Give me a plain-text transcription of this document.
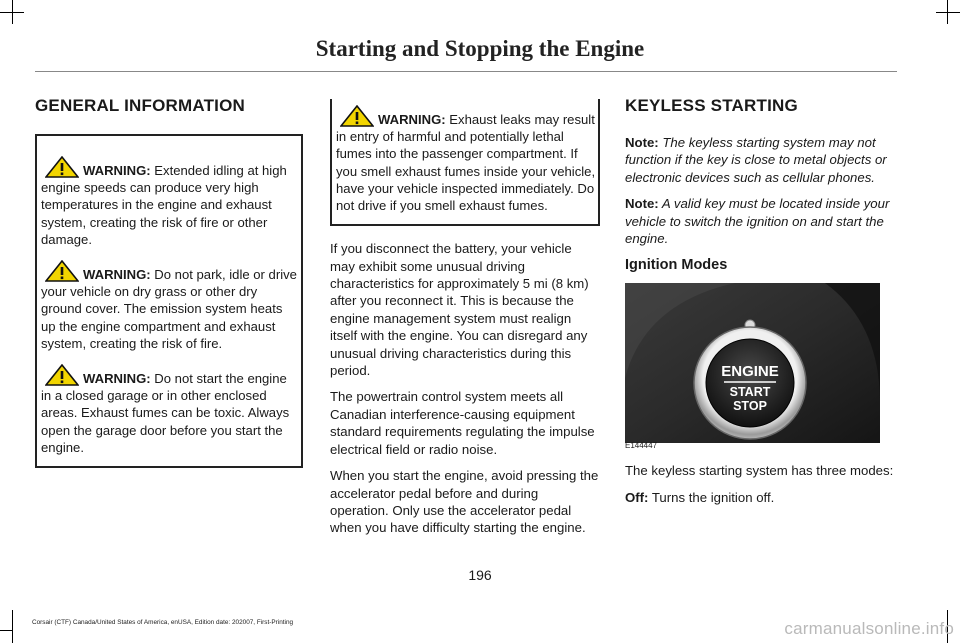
Starting and Stopping the Engine
GENERAL INFORMATION

WARNING: Extended idling at high engine speeds can produce very high temperatures in the engine and exhaust system, creating the risk of fire or other damage.

WARNING: Do not park, idle or drive your vehicle on dry grass or other dry ground cover. The emission system heats up the engine compartment and exhaust system, creating the risk of fire.

WARNING: Do not start the engine in a closed garage or in other enclosed areas. Exhaust fumes can be toxic. Always open the garage door before you start the engine.

WARNING: Exhaust leaks may result in entry of harmful and potentially lethal fumes into the passenger compartment. If you smell exhaust fumes inside your vehicle, have your vehicle inspected immediately. Do not drive if you smell exhaust fumes.

If you disconnect the battery, your vehicle may exhibit some unusual driving characteristics for approximately 5 mi (8 km) after you reconnect it. This is because the engine management system must realign itself with the engine. You can disregard any unusual driving characteristics during this period.

The powertrain control system meets all Canadian interference-causing equipment standard requirements regulating the impulse electrical field or radio noise.

When you start the engine, avoid pressing the accelerator pedal before and during operation. Only use the accelerator pedal when you have difficulty starting the engine.

KEYLESS STARTING

Note: The keyless starting system may not function if the key is close to metal objects or electronic devices such as cellular phones.

Note: A valid key must be located inside your vehicle to switch the ignition on and start the engine.

Ignition Modes
ENGINE
START
STOP
E144447

The keyless starting system has three modes:

Off: Turns the ignition off.

196
Corsair (CTF) Canada/United States of America, enUSA, Edition date: 202007, First-Printing	carmanualsonline.info
